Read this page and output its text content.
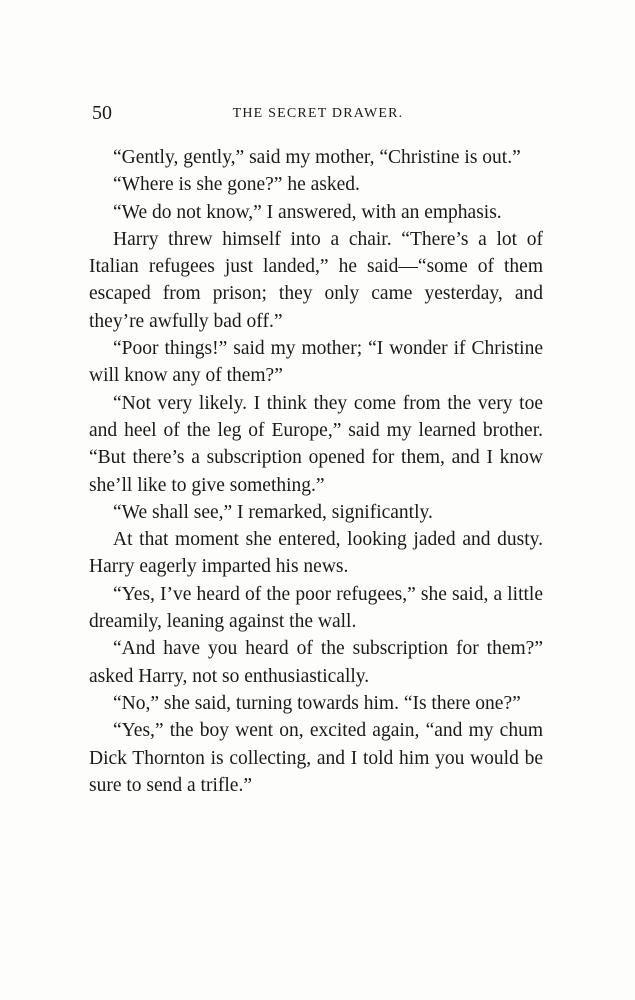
50	THE SECRET DRAWER.

“Gently, gently,” said my mother, “Christine is out.”

“Where is she gone?” he asked.

“We do not know,” I answered, with an emphasis.

Harry threw himself into a chair. “There’s a lot of Italian refugees just landed,” he said—“some of them escaped from prison; they only came yesterday, and they’re awfully bad off.”

“Poor things!” said my mother; “I wonder if Christine will know any of them?”

“Not very likely. I think they come from the very toe and heel of the leg of Europe,” said my learned brother. “But there’s a subscription opened for them, and I know she’ll like to give something.”

“We shall see,” I remarked, significantly.

At that moment she entered, looking jaded and dusty. Harry eagerly imparted his news.

“Yes, I’ve heard of the poor refugees,” she said, a little dreamily, leaning against the wall.

“And have you heard of the subscription for them?” asked Harry, not so enthusiastically.

“No,” she said, turning towards him. “Is there one?”

“Yes,” the boy went on, excited again, “and my chum Dick Thornton is collecting, and I told him you would be sure to send a trifle.”
